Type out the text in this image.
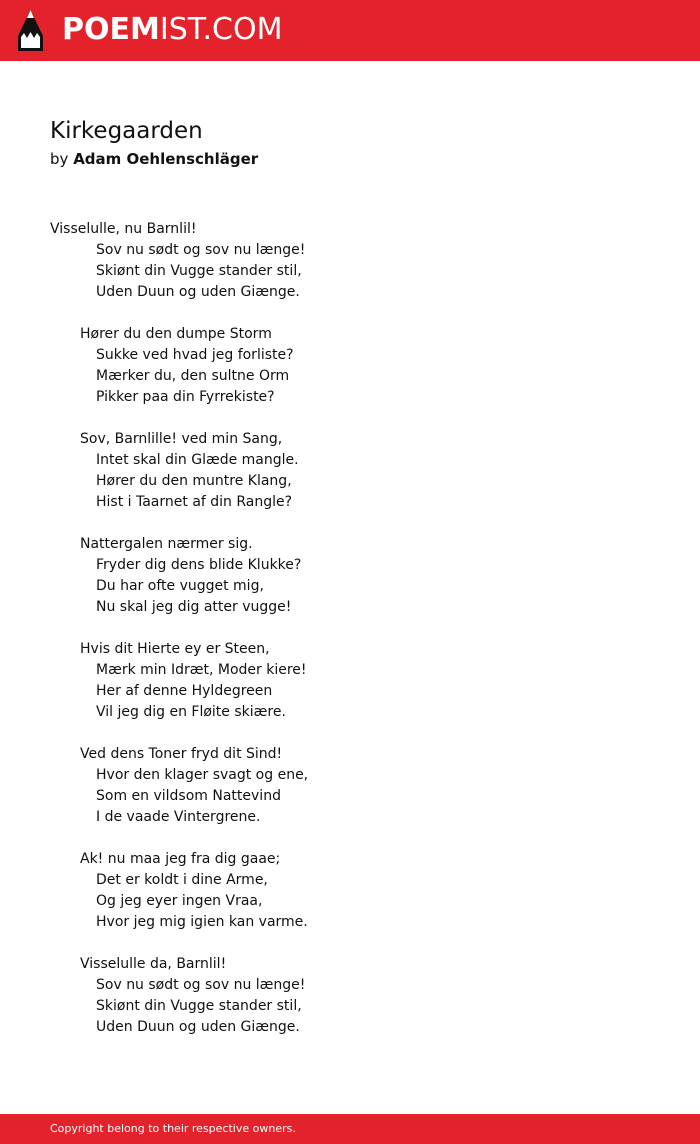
POEMIST.COM
Kirkegaarden
by Adam Oehlenschläger
Visselulle, nu Barnlil!
Sov nu sødt og sov nu længe!
Skiønt din Vugge stander stil,
Uden Duun og uden Giænge.
Hører du den dumpe Storm
Sukke ved hvad jeg forliste?
Mærker du, den sultne Orm
Pikker paa din Fyrrekiste?
Sov, Barnlille! ved min Sang,
Intet skal din Glæde mangle.
Hører du den muntre Klang,
Hist i Taarnet af din Rangle?
Nattergalen nærmer sig.
Fryder dig dens blide Klukke?
Du har ofte vugget mig,
Nu skal jeg dig atter vugge!
Hvis dit Hierte ey er Steen,
Mærk min Idræt, Moder kiere!
Her af denne Hyldegreen
Vil jeg dig en Fløite skiære.
Ved dens Toner fryd dit Sind!
Hvor den klager svagt og ene,
Som en vildsom Nattevind
I de vaade Vintergrene.
Ak! nu maa jeg fra dig gaae;
Det er koldt i dine Arme,
Og jeg eyer ingen Vraa,
Hvor jeg mig igien kan varme.
Visselulle da, Barnlil!
Sov nu sødt og sov nu længe!
Skiønt din Vugge stander stil,
Uden Duun og uden Giænge.
Copyright belong to their respective owners.
